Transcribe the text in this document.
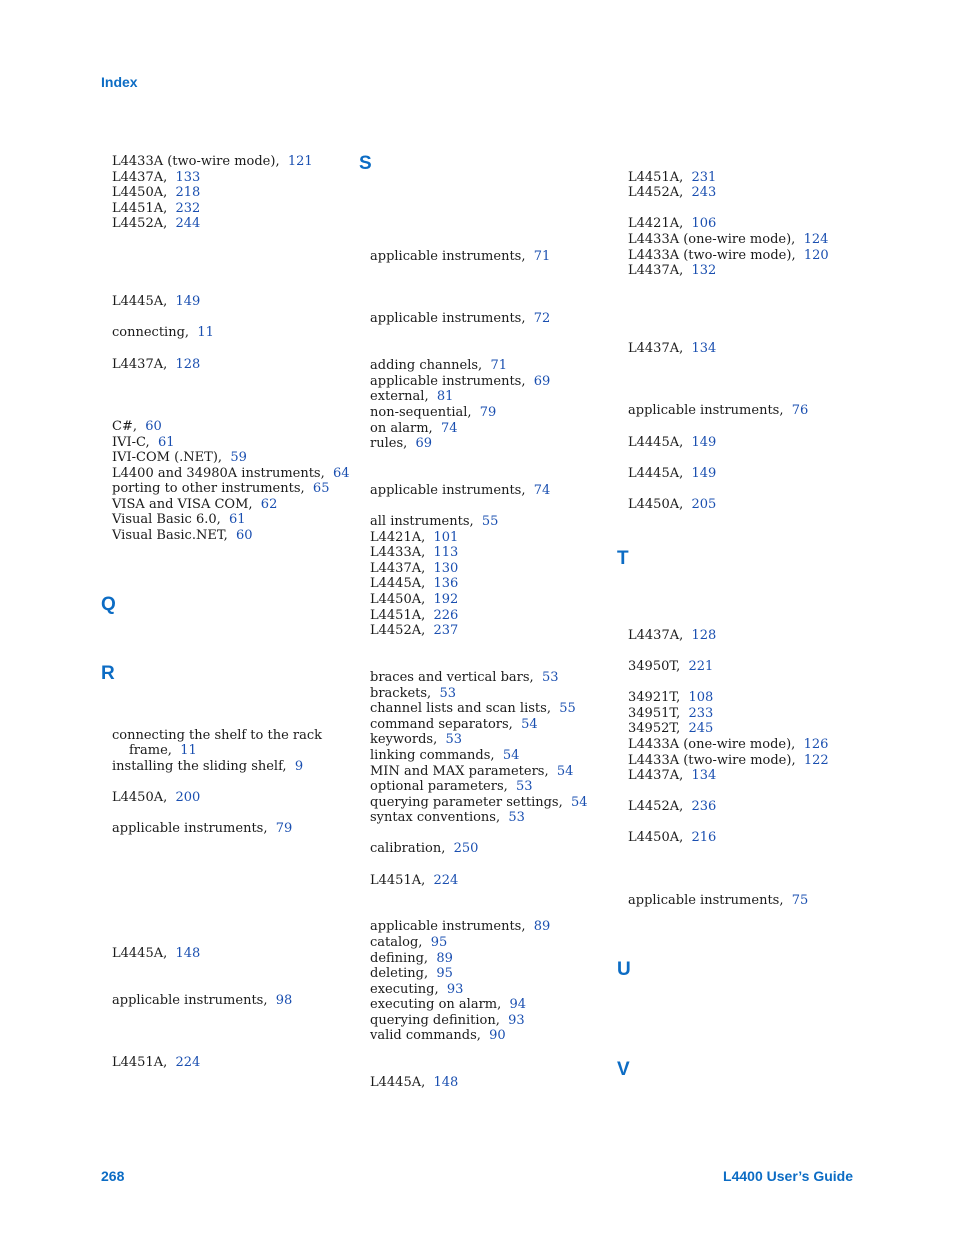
Index
L4433A (two-wire mode), 121
L4437A, 133
L4450A, 218
L4451A, 232
L4452A, 244
L4445A, 149
connecting, 11
L4437A, 128
C#, 60
IVI-C, 61
IVI-COM (.NET), 59
L4400 and 34980A instruments, 64
porting to other instruments, 65
VISA and VISA COM, 62
Visual Basic 6.0, 61
Visual Basic.NET, 60
connecting the shelf to the rack
frame, 11
installing the sliding shelf, 9
L4450A, 200
applicable instruments, 79
L4445A, 148
applicable instruments, 98
L4451A, 224
applicable instruments, 71
applicable instruments, 72
adding channels, 71
applicable instruments, 69
external, 81
non-sequential, 79
on alarm, 74
rules, 69
applicable instruments, 74
all instruments, 55
L4421A, 101
L4433A, 113
L4437A, 130
L4445A, 136
L4450A, 192
L4451A, 226
L4452A, 237
braces and vertical bars, 53
brackets, 53
channel lists and scan lists, 55
command separators, 54
keywords, 53
linking commands, 54
MIN and MAX parameters, 54
optional parameters, 53
querying parameter settings, 54
syntax conventions, 53
calibration, 250
L4451A, 224
applicable instruments, 89
catalog, 95
defining, 89
deleting, 95
executing, 93
executing on alarm, 94
querying definition, 93
valid commands, 90
L4445A, 148
L4451A, 231
L4452A, 243
L4421A, 106
L4433A (one-wire mode), 124
L4433A (two-wire mode), 120
L4437A, 132
L4437A, 134
applicable instruments, 76
L4445A, 149
L4445A, 149
L4450A, 205
L4437A, 128
34950T, 221
34921T, 108
34951T, 233
34952T, 245
L4433A (one-wire mode), 126
L4433A (two-wire mode), 122
L4437A, 134
L4452A, 236
L4450A, 216
applicable instruments, 75
Q
R
S
T
U
V
268	L4400 User’s Guide
